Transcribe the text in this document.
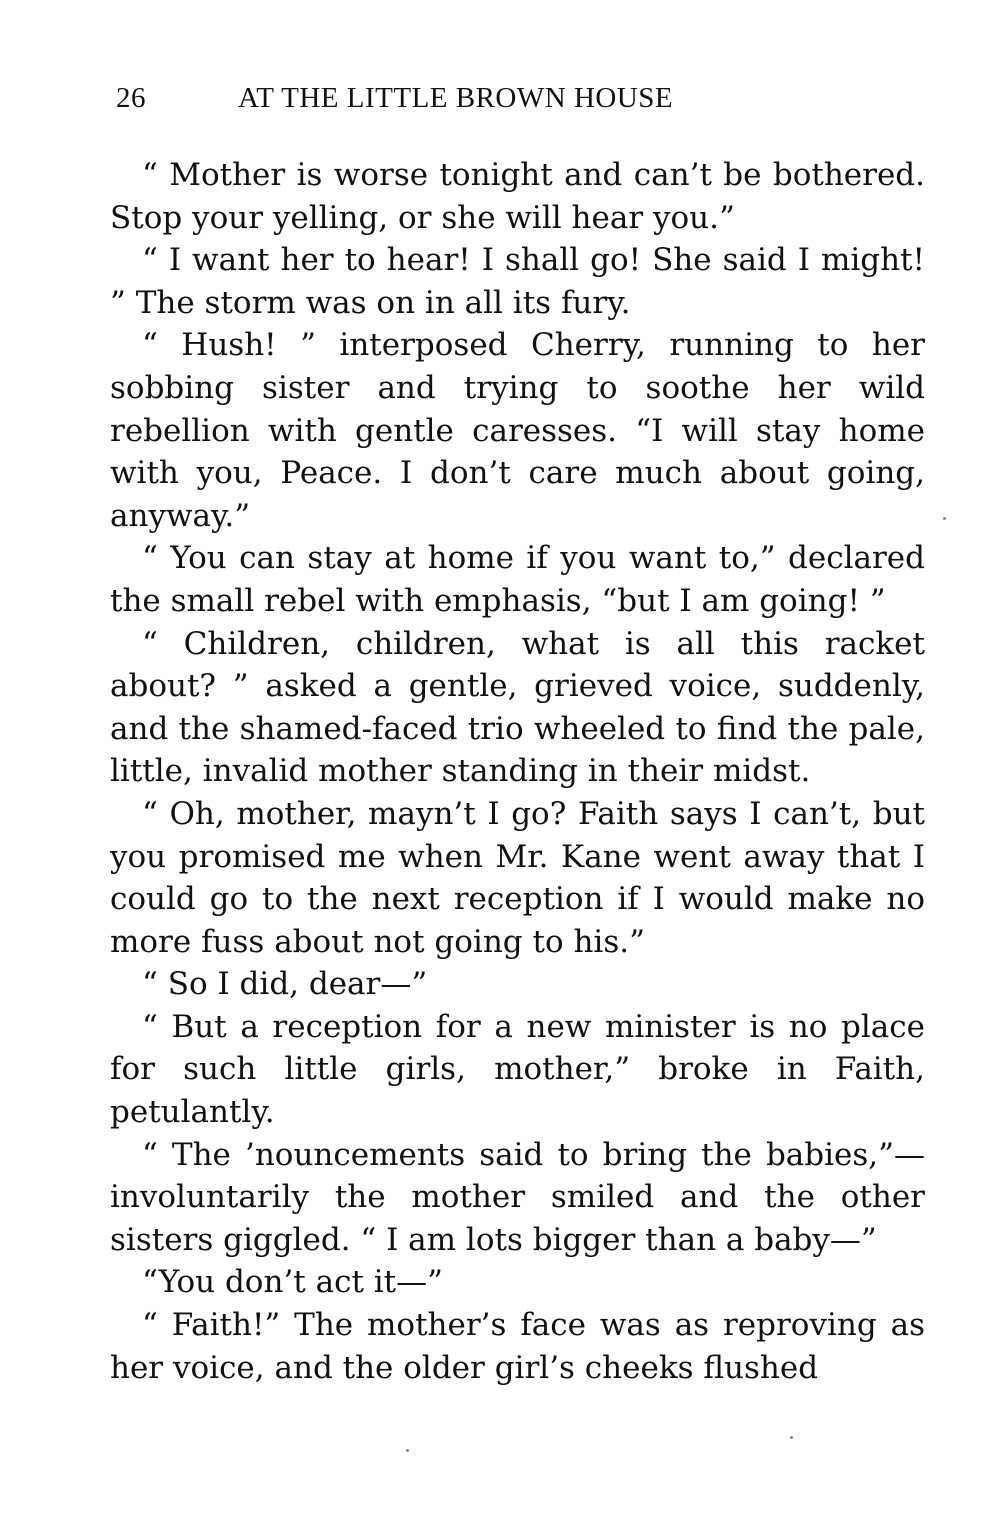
26	AT THE LITTLE BROWN HOUSE

“ Mother is worse tonight and can’t be bothered. Stop your yelling, or she will hear you.”

“ I want her to hear! I shall go! She said I might! ” The storm was on in all its fury.

“ Hush! ” interposed Cherry, running to her sobbing sister and trying to soothe her wild rebellion with gentle caresses. “I will stay home with you, Peace. I don’t care much about going, anyway.”

“ You can stay at home if you want to,” declared the small rebel with emphasis, “but I am going! ”

“ Children, children, what is all this racket about? ” asked a gentle, grieved voice, suddenly, and the shamed-faced trio wheeled to find the pale, little, invalid mother standing in their midst.

“ Oh, mother, mayn’t I go? Faith says I can’t, but you promised me when Mr. Kane went away that I could go to the next reception if I would make no more fuss about not going to his.”

“ So I did, dear—”

“ But a reception for a new minister is no place for such little girls, mother,” broke in Faith, petulantly.

“ The ’nouncements said to bring the babies,”—involuntarily the mother smiled and the other sisters giggled. “ I am lots bigger than a baby—”

“You don’t act it—”

“ Faith!” The mother’s face was as reproving as her voice, and the older girl’s cheeks flushed
